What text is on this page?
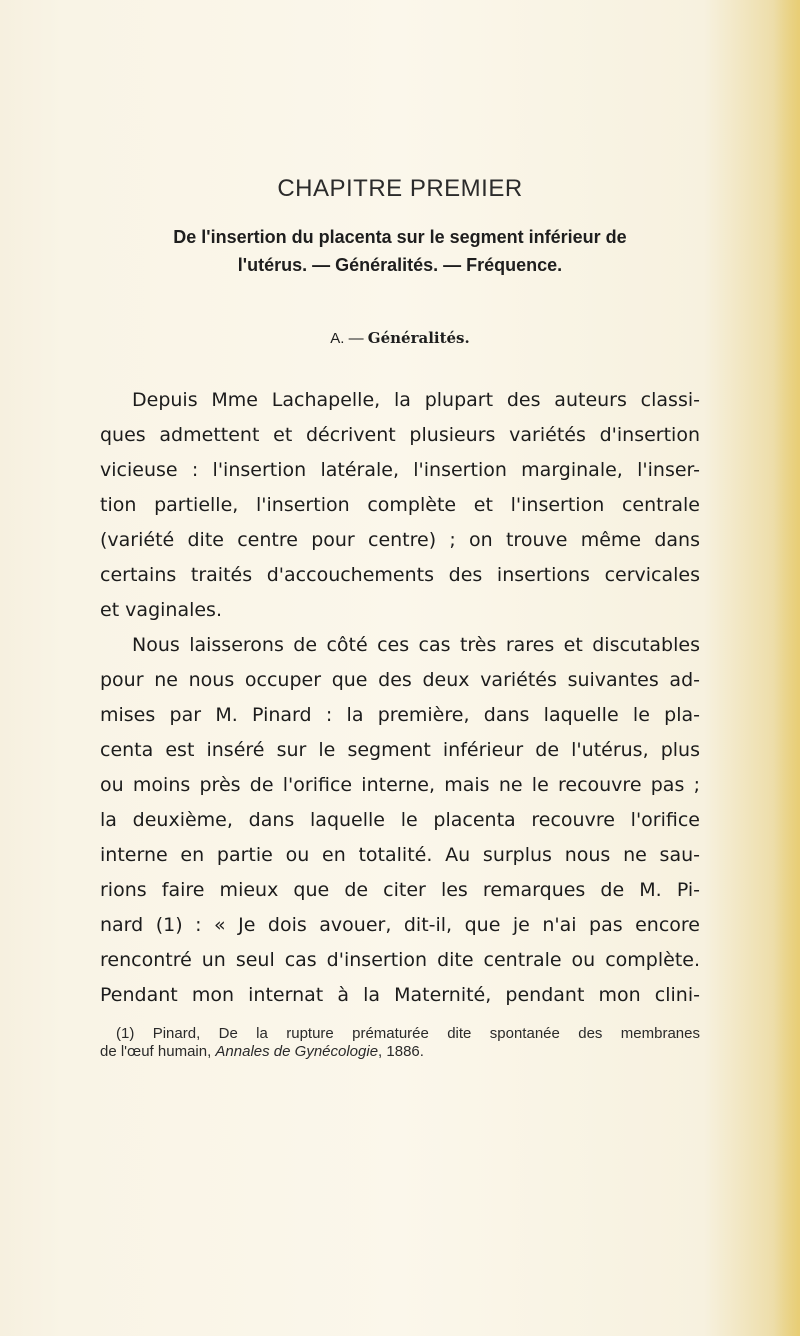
CHAPITRE PREMIER
De l'insertion du placenta sur le segment inférieur de
l'utérus. — Généralités. — Fréquence.
A. — Généralités.
Depuis Mme Lachapelle, la plupart des auteurs classi-
ques admettent et décrivent plusieurs variétés d'insertion
vicieuse : l'insertion latérale, l'insertion marginale, l'inser-
tion partielle, l'insertion complète et l'insertion centrale
(variété dite centre pour centre) ; on trouve même dans
certains traités d'accouchements des insertions cervicales
et vaginales.
Nous laisserons de côté ces cas très rares et discutables
pour ne nous occuper que des deux variétés suivantes ad-
mises par M. Pinard : la première, dans laquelle le pla-
centa est inséré sur le segment inférieur de l'utérus, plus
ou moins près de l'orifice interne, mais ne le recouvre pas ;
la deuxième, dans laquelle le placenta recouvre l'orifice
interne en partie ou en totalité. Au surplus nous ne sau-
rions faire mieux que de citer les remarques de M. Pi-
nard (1) : « Je dois avouer, dit-il, que je n'ai pas encore
rencontré un seul cas d'insertion dite centrale ou complète.
Pendant mon internat à la Maternité, pendant mon clini-
(1) Pinard, De la rupture prématurée dite spontanée des membranes
de l'œuf humain, Annales de Gynécologie, 1886.
